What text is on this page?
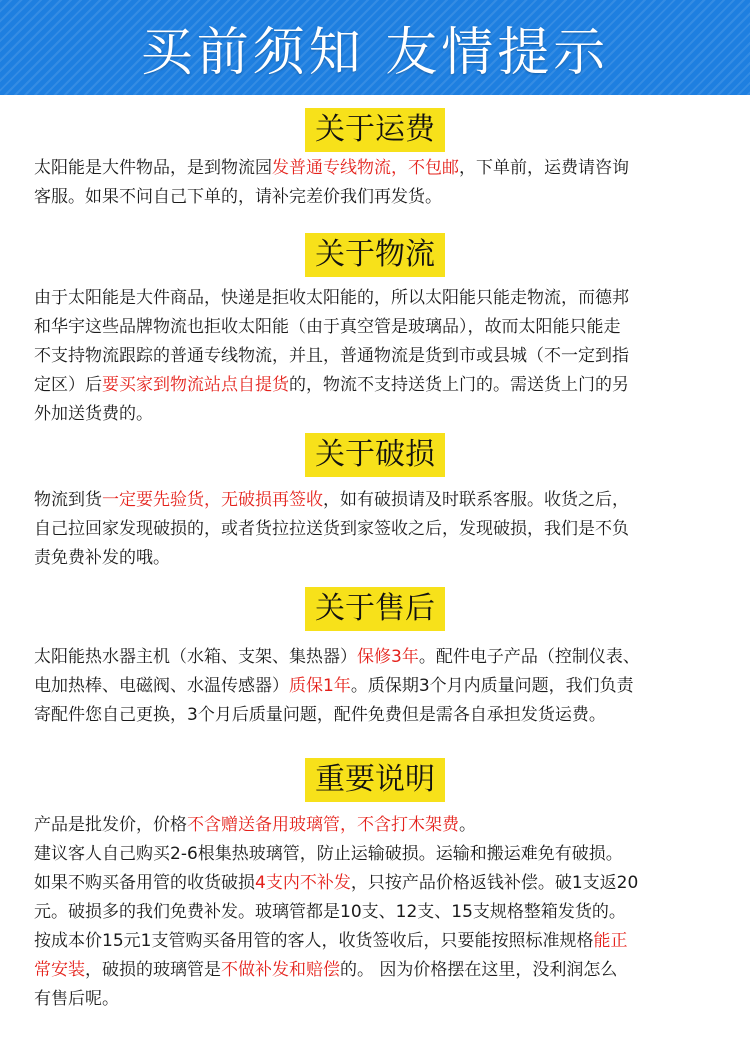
买前须知 友情提示
关于运费
太阳能是大件物品，是到物流园发普通专线物流，不包邮，下单前，运费请咨询
客服。如果不问自己下单的，请补完差价我们再发货。
关于物流
由于太阳能是大件商品，快递是拒收太阳能的，所以太阳能只能走物流，而德邦
和华宇这些品牌物流也拒收太阳能（由于真空管是玻璃品），故而太阳能只能走
不支持物流跟踪的普通专线物流，并且，普通物流是货到市或县城（不一定到指
定区）后要买家到物流站点自提货的，物流不支持送货上门的。需送货上门的另
外加送货费的。
关于破损
物流到货一定要先验货，无破损再签收，如有破损请及时联系客服。收货之后，
自己拉回家发现破损的，或者货拉拉送货到家签收之后，发现破损，我们是不负
责免费补发的哦。
关于售后
太阳能热水器主机（水箱、支架、集热器）保修3年。配件电子产品（控制仪表、
电加热棒、电磁阀、水温传感器）质保1年。质保期3个月内质量问题，我们负责
寄配件您自己更换，3个月后质量问题，配件免费但是需各自承担发货运费。
重要说明
产品是批发价，价格不含赠送备用玻璃管，不含打木架费。
建议客人自己购买2-6根集热玻璃管，防止运输破损。运输和搬运难免有破损。
如果不购买备用管的收货破损4支内不补发，只按产品价格返钱补偿。破1支返20
元。破损多的我们免费补发。玻璃管都是10支、12支、15支规格整箱发货的。
按成本价15元1支管购买备用管的客人，收货签收后，只要能按照标准规格能正
常安装，破损的玻璃管是不做补发和赔偿的。 因为价格摆在这里，没利润怎么
有售后呢。
